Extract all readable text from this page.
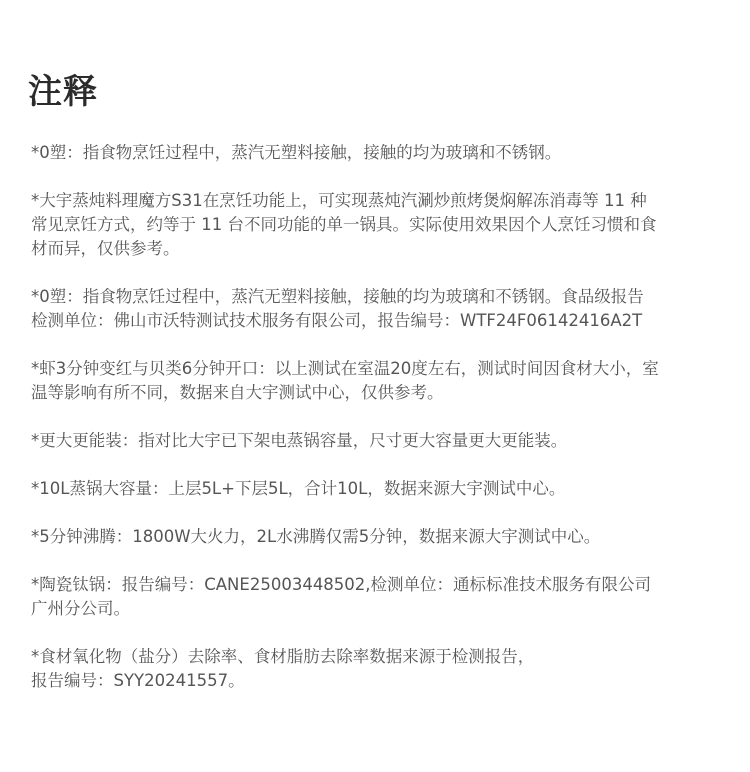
注释

*0塑：指食物烹饪过程中，蒸汽无塑料接触，接触的均为玻璃和不锈钢。

*大宇蒸炖料理魔方S31在烹饪功能上，可实现蒸炖汽涮炒煎烤煲焖解冻消毒等 11 种
常见烹饪方式，约等于 11 台不同功能的单一锅具。实际使用效果因个人烹饪习惯和食
材而异，仅供参考。

*0塑：指食物烹饪过程中，蒸汽无塑料接触，接触的均为玻璃和不锈钢。食品级报告
检测单位：佛山市沃特测试技术服务有限公司，报告编号：WTF24F06142416A2T

*虾3分钟变红与贝类6分钟开口：以上测试在室温20度左右，测试时间因食材大小，室
温等影响有所不同，数据来自大宇测试中心，仅供参考。

*更大更能装：指对比大宇已下架电蒸锅容量，尺寸更大容量更大更能装。

*10L蒸锅大容量：上层5L+下层5L，合计10L，数据来源大宇测试中心。

*5分钟沸腾：1800W大火力，2L水沸腾仅需5分钟，数据来源大宇测试中心。

*陶瓷钛锅：报告编号：CANE25003448502,检测单位：通标标准技术服务有限公司
广州分公司。

*食材氧化物（盐分）去除率、食材脂肪去除率数据来源于检测报告，
报告编号：SYY20241557。
